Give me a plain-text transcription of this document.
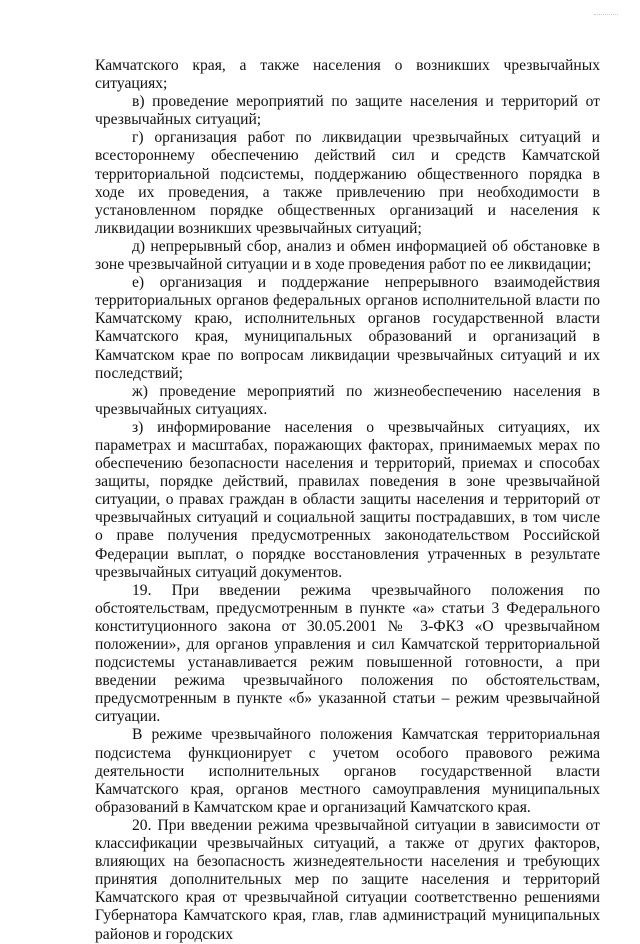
Камчатского края, а также населения о возникших чрезвычайных ситуациях;

в) проведение мероприятий по защите населения и территорий от чрезвычайных ситуаций;

г) организация работ по ликвидации чрезвычайных ситуаций и всестороннему обеспечению действий сил и средств Камчатской территориальной подсистемы, поддержанию общественного порядка в ходе их проведения, а также привлечению при необходимости в установленном порядке общественных организаций и населения к ликвидации возникших чрезвычайных ситуаций;

д) непрерывный сбор, анализ и обмен информацией об обстановке в зоне чрезвычайной ситуации и в ходе проведения работ по ее ликвидации;

е) организация и поддержание непрерывного взаимодействия территориальных органов федеральных органов исполнительной власти по Камчатскому краю, исполнительных органов государственной власти Камчатского края, муниципальных образований и организаций в Камчатском крае по вопросам ликвидации чрезвычайных ситуаций и их последствий;

ж) проведение мероприятий по жизнеобеспечению населения в чрезвычайных ситуациях.

з) информирование населения о чрезвычайных ситуациях, их параметрах и масштабах, поражающих факторах, принимаемых мерах по обеспечению безопасности населения и территорий, приемах и способах защиты, порядке действий, правилах поведения в зоне чрезвычайной ситуации, о правах граждан в области защиты населения и территорий от чрезвычайных ситуаций и социальной защиты пострадавших, в том числе о праве получения предусмотренных законодательством Российской Федерации выплат, о порядке восстановления утраченных в результате чрезвычайных ситуаций документов.

19. При введении режима чрезвычайного положения по обстоятельствам, предусмотренным в пункте «а» статьи 3 Федерального конституционного закона от 30.05.2001 № 3-ФКЗ «О чрезвычайном положении», для органов управления и сил Камчатской территориальной подсистемы устанавливается режим повышенной готовности, а при введении режима чрезвычайного положения по обстоятельствам, предусмотренным в пункте «б» указанной статьи – режим чрезвычайной ситуации.

В режиме чрезвычайного положения Камчатская территориальная подсистема функционирует с учетом особого правового режима деятельности исполнительных органов государственной власти Камчатского края, органов местного самоуправления муниципальных образований в Камчатском крае и организаций Камчатского края.

20. При введении режима чрезвычайной ситуации в зависимости от классификации чрезвычайных ситуаций, а также от других факторов, влияющих на безопасность жизнедеятельности населения и требующих принятия дополнительных мер по защите населения и территорий Камчатского края от чрезвычайной ситуации соответственно решениями Губернатора Камчатского края, глав, глав администраций муниципальных районов и городских
